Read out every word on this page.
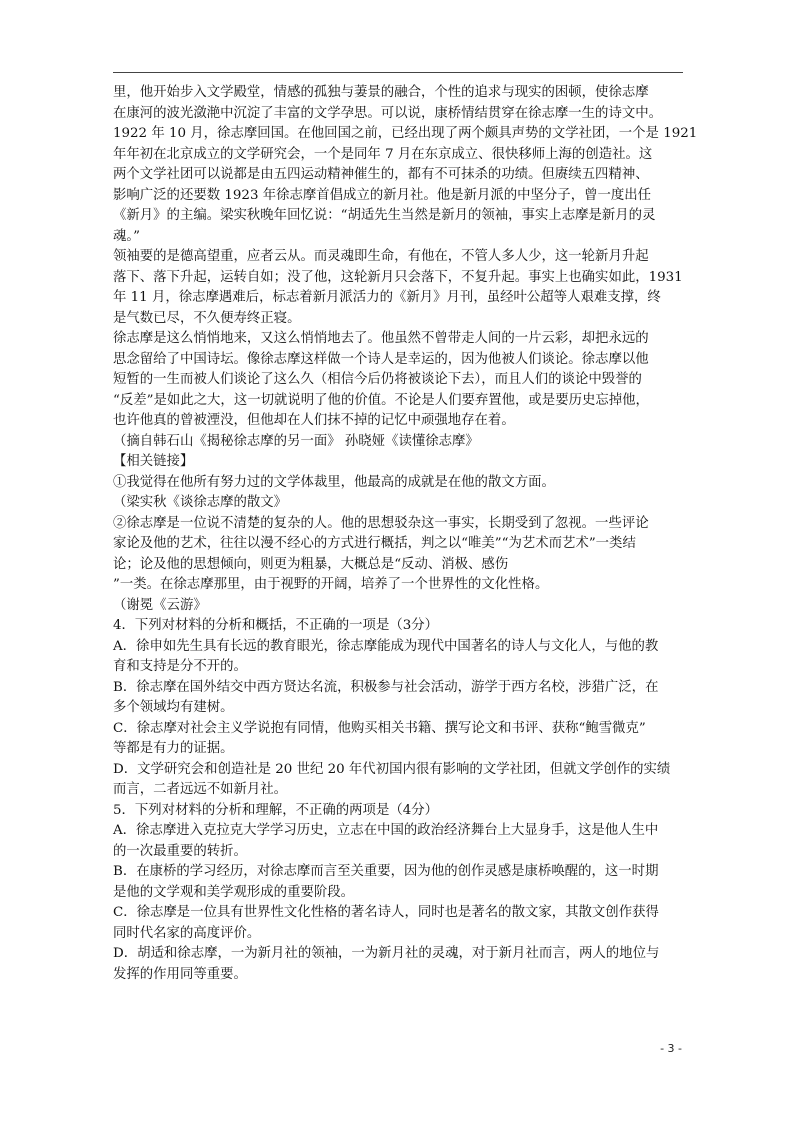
里，他开始步入文学殿堂，情感的孤独与萋景的融合，个性的追求与现实的困顿，使徐志摩
在康河的波光潋滟中沉淀了丰富的文学孕思。可以说，康桥情结贯穿在徐志摩一生的诗文中。
1922 年 10 月，徐志摩回国。在他回国之前，已经出现了两个颇具声势的文学社团，一个是 1921
年年初在北京成立的文学研究会，一个是同年 7 月在东京成立、很快移师上海的创造社。这
两个文学社团可以说都是由五四运动精神催生的，都有不可抹杀的功绩。但赓续五四精神、
影响广泛的还要数 1923 年徐志摩首倡成立的新月社。他是新月派的中坚分子，曾一度出任
《新月》的主编。梁实秋晚年回忆说：“胡适先生当然是新月的领袖，事实上志摩是新月的灵
魂。”
领袖要的是德高望重，应者云从。而灵魂即生命，有他在，不管人多人少，这一轮新月升起
落下、落下升起，运转自如；没了他，这轮新月只会落下，不复升起。事实上也确实如此，1931
年 11 月，徐志摩遇难后，标志着新月派活力的《新月》月刊，虽经叶公超等人艰难支撑，终
是气数已尽，不久便寿终正寝。
徐志摩是这么悄悄地来，又这么悄悄地去了。他虽然不曾带走人间的一片云彩，却把永远的
思念留给了中国诗坛。像徐志摩这样做一个诗人是幸运的，因为他被人们谈论。徐志摩以他
短暂的一生而被人们谈论了这么久（相信今后仍将被谈论下去），而且人们的谈论中毁誉的
“反差”是如此之大，这一切就说明了他的价值。不论是人们要弃置他，或是要历史忘掉他，
也许他真的曾被湮没，但他却在人们抹不掉的记忆中顽强地存在着。
（摘自韩石山《揭秘徐志摩的另一面》 孙晓娅《读懂徐志摩》
【相关链接】
①我觉得在他所有努力过的文学体裁里，他最高的成就是在他的散文方面。
（梁实秋《谈徐志摩的散文》
②徐志摩是一位说不清楚的复杂的人。他的思想驳杂这一事实，长期受到了忽视。一些评论
家论及他的艺术，往往以漫不经心的方式进行概括，判之以“唯美”“为艺术而艺术”一类结
论；论及他的思想倾向，则更为粗暴，大概总是“反动、消极、感伤
”一类。在徐志摩那里，由于视野的开阔，培养了一个世界性的文化性格。
（谢冕《云游》
4．下列对材料的分析和概括，不正确的一项是（3分）
A．徐申如先生具有长远的教育眼光，徐志摩能成为现代中国著名的诗人与文化人，与他的教
育和支持是分不开的。
B．徐志摩在国外结交中西方贤达名流，积极参与社会活动，游学于西方名校，涉猎广泛，在
多个领域均有建树。
C．徐志摩对社会主义学说抱有同情，他购买相关书籍、撰写论文和书评、获称“鲍雪微克”
等都是有力的证据。
D．文学研究会和创造社是 20 世纪 20 年代初国内很有影响的文学社团，但就文学创作的实绩
而言，二者远远不如新月社。
5．下列对材料的分析和理解，不正确的两项是（4分）
A．徐志摩进入克拉克大学学习历史，立志在中国的政治经济舞台上大显身手，这是他人生中
的一次最重要的转折。
B．在康桥的学习经历，对徐志摩而言至关重要，因为他的创作灵感是康桥唤醒的，这一时期
是他的文学观和美学观形成的重要阶段。
C．徐志摩是一位具有世界性文化性格的著名诗人，同时也是著名的散文家，其散文创作获得
同时代名家的高度评价。
D．胡适和徐志摩，一为新月社的领袖，一为新月社的灵魂，对于新月社而言，两人的地位与
发挥的作用同等重要。
- 3 -
